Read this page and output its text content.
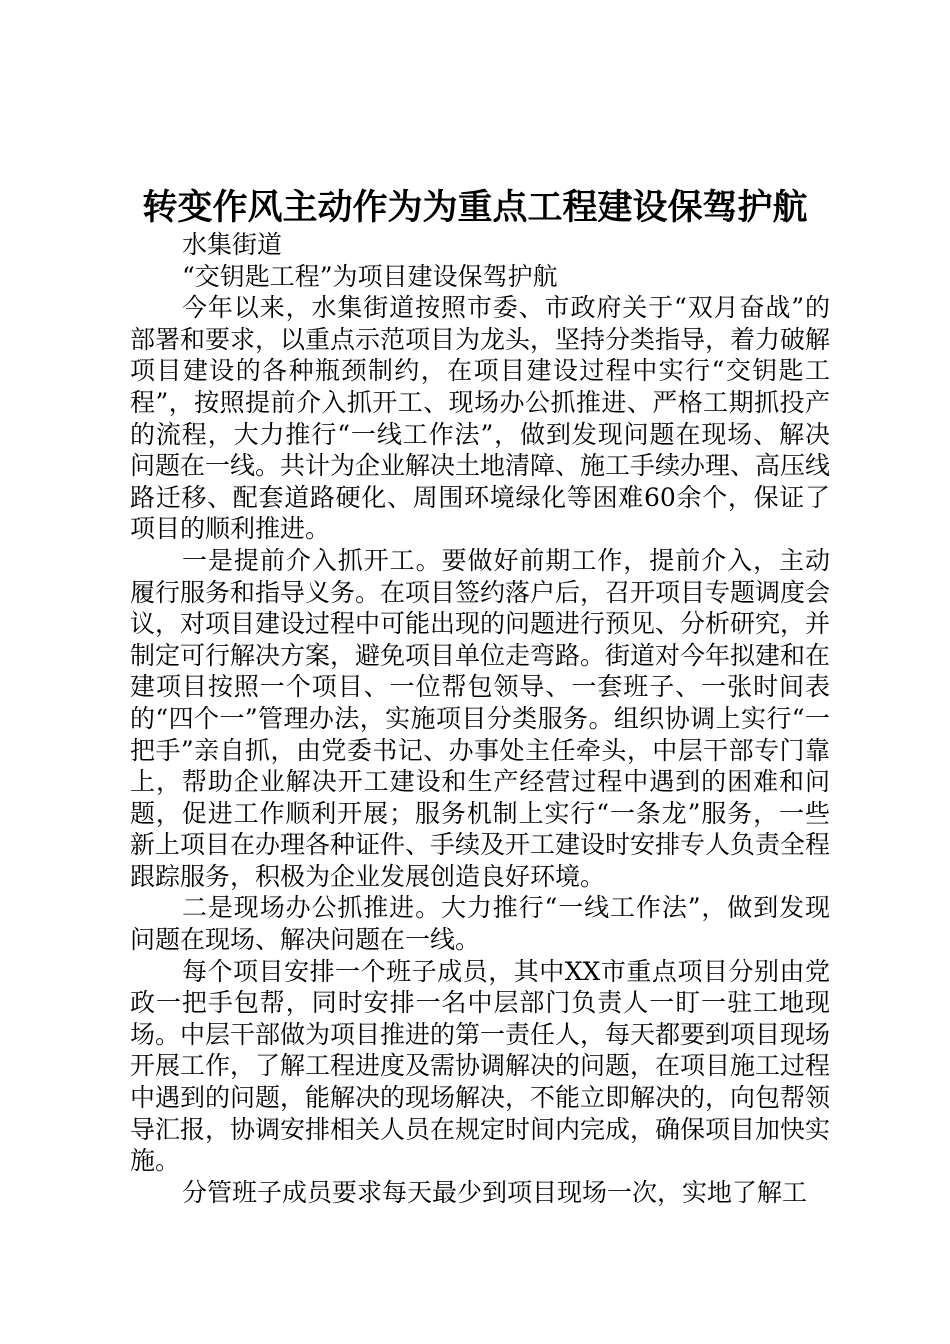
转变作风主动作为为重点工程建设保驾护航

水集街道

“交钥匙工程”为项目建设保驾护航

今年以来，水集街道按照市委、市政府关于“双月奋战”的部署和要求，以重点示范项目为龙头，坚持分类指导，着力破解项目建设的各种瓶颈制约，在项目建设过程中实行“交钥匙工程”，按照提前介入抓开工、现场办公抓推进、严格工期抓投产的流程，大力推行“一线工作法”，做到发现问题在现场、解决问题在一线。共计为企业解决土地清障、施工手续办理、高压线路迁移、配套道路硬化、周围环境绿化等困难60余个，保证了项目的顺利推进。

一是提前介入抓开工。要做好前期工作，提前介入，主动履行服务和指导义务。在项目签约落户后，召开项目专题调度会议，对项目建设过程中可能出现的问题进行预见、分析研究，并制定可行解决方案，避免项目单位走弯路。街道对今年拟建和在建项目按照一个项目、一位帮包领导、一套班子、一张时间表的“四个一”管理办法，实施项目分类服务。组织协调上实行“一把手”亲自抓，由党委书记、办事处主任牵头，中层干部专门靠上，帮助企业解决开工建设和生产经营过程中遇到的困难和问题，促进工作顺利开展；服务机制上实行“一条龙”服务，一些新上项目在办理各种证件、手续及开工建设时安排专人负责全程跟踪服务，积极为企业发展创造良好环境。

二是现场办公抓推进。大力推行“一线工作法”，做到发现问题在现场、解决问题在一线。

每个项目安排一个班子成员，其中XX市重点项目分别由党政一把手包帮，同时安排一名中层部门负责人一盯一驻工地现场。中层干部做为项目推进的第一责任人，每天都要到项目现场开展工作，了解工程进度及需协调解决的问题，在项目施工过程中遇到的问题，能解决的现场解决，不能立即解决的，向包帮领导汇报，协调安排相关人员在规定时间内完成，确保项目加快实施。

分管班子成员要求每天最少到项目现场一次，实地了解工
